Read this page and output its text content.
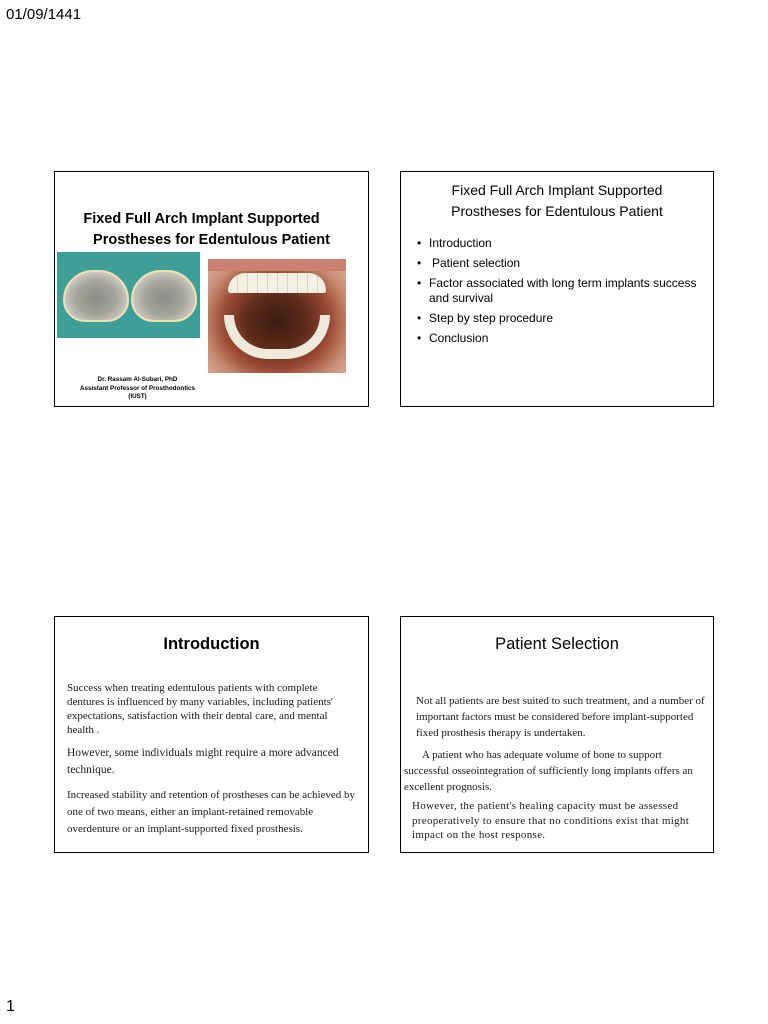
01/09/1441
Fixed Full Arch Implant Supported
Prostheses for Edentulous Patient
Dr. Rassam Al-Subari, PhD
Assistant Professor of Prosthodontics
(IUST)
Fixed Full Arch Implant Supported
Prostheses for Edentulous Patient
• Introduction
• Patient selection
• Factor associated with long term implants success and survival
• Step by step procedure
• Conclusion
Introduction

Success when treating edentulous patients with complete dentures is influenced by many variables, including patients' expectations, satisfaction with their dental care, and mental health .

However, some individuals might require a more advanced technique.

Increased stability and retention of prostheses can be achieved by one of two means, either an implant-retained removable overdenture or an implant-supported fixed prosthesis.

Patient Selection

Not all patients are best suited to such treatment, and a number of important factors must be considered before implant-supported fixed prosthesis therapy is undertaken.

A patient who has adequate volume of bone to support successful osseointegration of sufficiently long implants offers an excellent prognosis.

However, the patient's healing capacity must be assessed preoperatively to ensure that no conditions exist that might impact on the host response.

1
